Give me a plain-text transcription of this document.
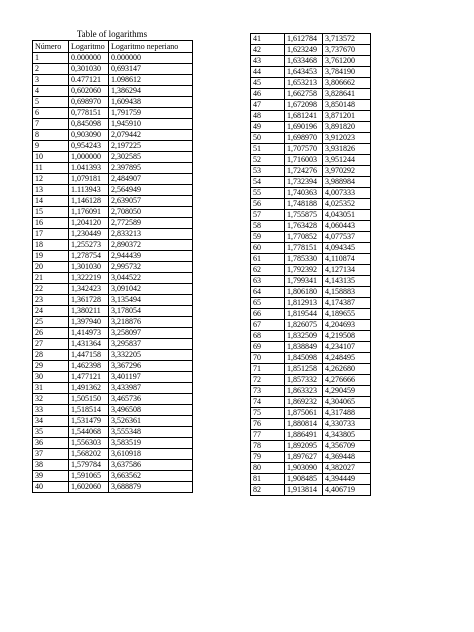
Table of logarithms
Número	Logaritmo	Logaritmo neperiano
1	0.000000	0.000000
2	0,301030	0,693147
3	0.477121	1.098612
4	0,602060	1,386294
5	0,698970	1,609438
6	0,778151	1,791759
7	0,845098	1,945910
8	0,903090	2,079442
9	0,954243	2,197225
10	1,000000	2,302585
11	1.041393	2.397895
12	1,079181	2,484907
13	1.113943	2,564949
14	1,146128	2,639057
15	1,176091	2,708050
16	1,204120	2,772589
17	1,230449	2,833213
18	1,255273	2,890372
19	1,278754	2,944439
20	1,301030	2,995732
21	1,322219	3,044522
22	1,342423	3,091042
23	1,361728	3,135494
24	1,380211	3,178054
25	1,397940	3,218876
26	1,414973	3,258097
27	1,431364	3,295837
28	1,447158	3,332205
29	1,462398	3,367296
30	1,477121	3,401197
31	1,491362	3,433987
32	1,505150	3,465736
33	1,518514	3,496508
34	1,531479	3,526361
35	1,544068	3,555348
36	1,556303	3,583519
37	1,568202	3,610918
38	1,579784	3,637586
39	1,591065	3,663562
40	1,602060	3,688879
41	1,612784	3,713572
42	1,623249	3,737670
43	1,633468	3,761200
44	1,643453	3,784190
45	1,653213	3,806662
46	1,662758	3,828641
47	1,672098	3,850148
48	1,681241	3,871201
49	1,690196	3,891820
50	1,698970	3,912023
51	1,707570	3,931826
52	1,716003	3,951244
53	1,724276	3,970292
54	1,732394	3,988984
55	1,740363	4,007333
56	1,748188	4,025352
57	1,755875	4,043051
58	1,763428	4,060443
59	1,770852	4,077537
60	1,778151	4,094345
61	1,785330	4,110874
62	1,792392	4,127134
63	1,799341	4,143135
64	1,806180	4,158883
65	1,812913	4,174387
66	1,819544	4,189655
67	1,826075	4,204693
68	1,832509	4,219508
69	1,838849	4,234107
70	1,845098	4,248495
71	1,851258	4,262680
72	1,857332	4,276666
73	1,863323	4,290459
74	1,869232	4,304065
75	1,875061	4,317488
76	1,880814	4,330733
77	1,886491	4,343805
78	1,892095	4,356709
79	1,897627	4,369448
80	1,903090	4,382027
81	1,908485	4,394449
82	1,913814	4,406719
